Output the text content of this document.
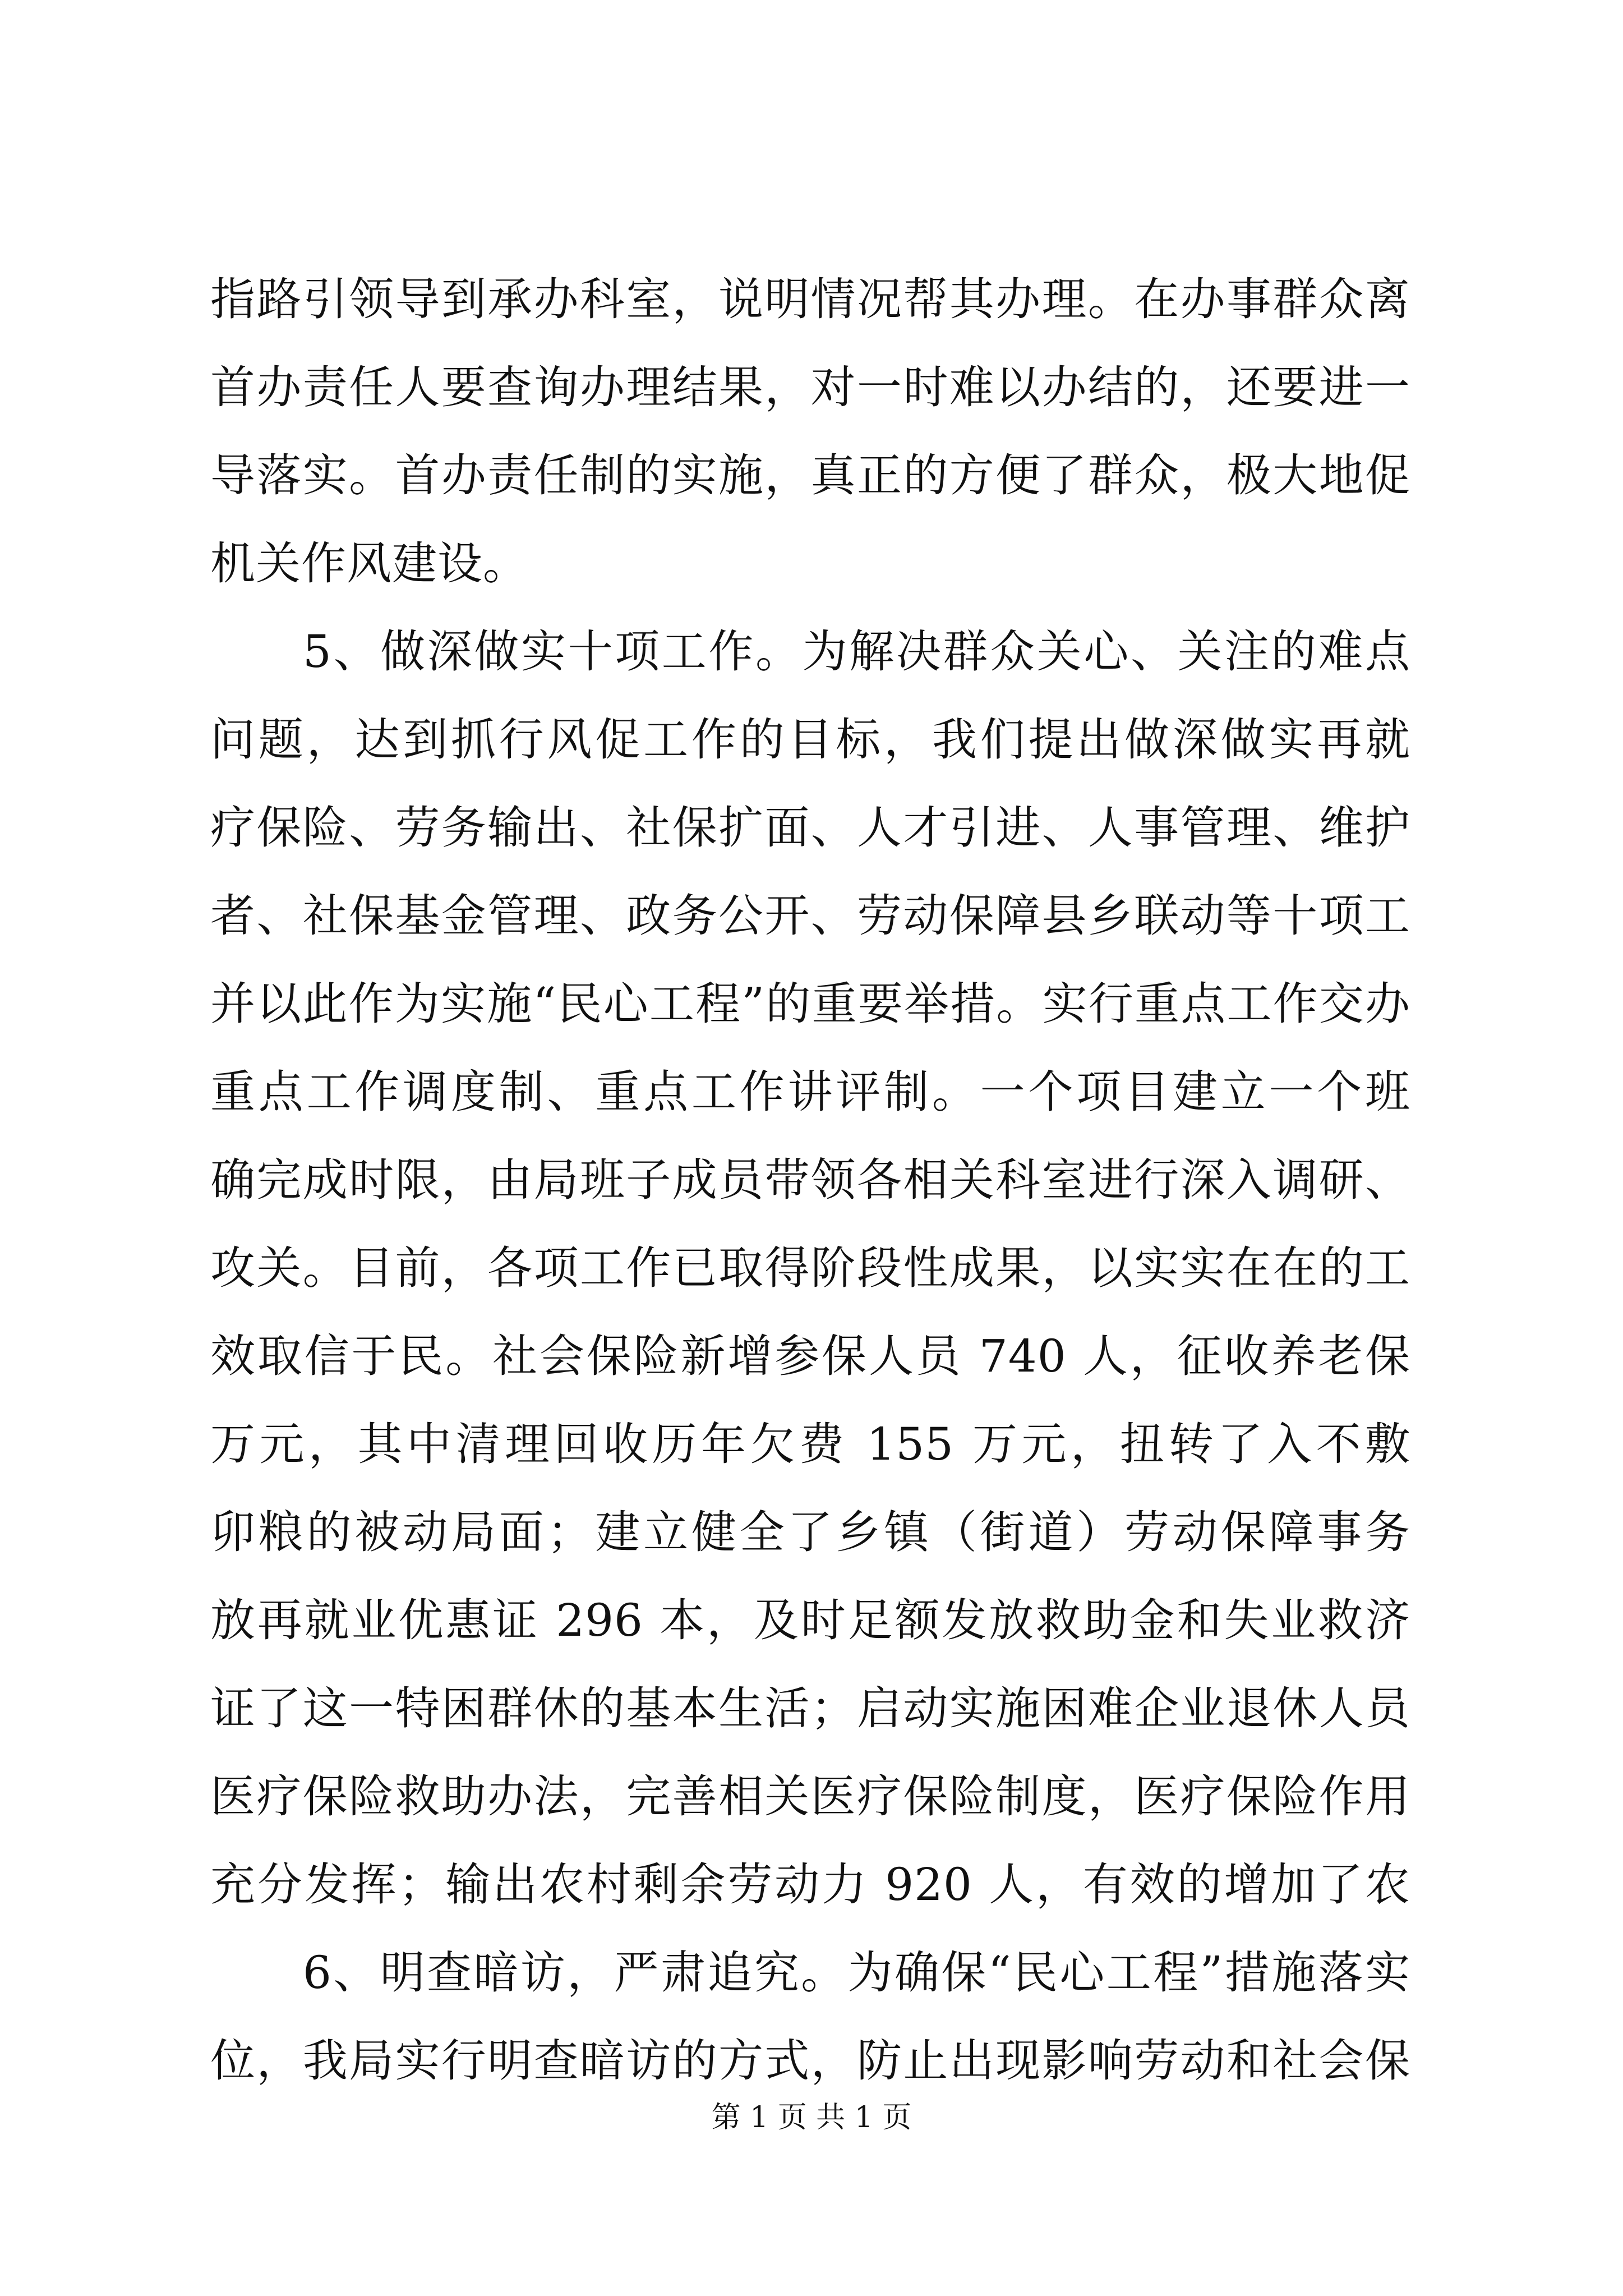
指路引领导到承办科室，说明情况帮其办理。在办事群众离
首办责任人要查询办理结果，对一时难以办结的，还要进一
导落实。首办责任制的实施，真正的方便了群众，极大地促
机关作风建设。
5、做深做实十项工作。为解决群众关心、关注的难点
问题，达到抓行风促工作的目标，我们提出做深做实再就
疗保险、劳务输出、社保扩面、人才引进、人事管理、维护
者、社保基金管理、政务公开、劳动保障县乡联动等十项工
并以此作为实施“民心工程”的重要举措。实行重点工作交办
重点工作调度制、重点工作讲评制。一个项目建立一个班
确完成时限，由局班子成员带领各相关科室进行深入调研、
攻关。目前，各项工作已取得阶段性成果，以实实在在的工
效取信于民。社会保险新增参保人员 740 人，征收养老保
万元，其中清理回收历年欠费 155 万元，扭转了入不敷
卯粮的被动局面；建立健全了乡镇（街道）劳动保障事务
放再就业优惠证 296 本，及时足额发放救助金和失业救济
证了这一特困群休的基本生活；启动实施困难企业退休人员
医疗保险救助办法，完善相关医疗保险制度，医疗保险作用
充分发挥；输出农村剩余劳动力 920 人，有效的增加了农
6、明查暗访，严肃追究。为确保“民心工程”措施落实
位，我局实行明查暗访的方式，防止出现影响劳动和社会保
第 1 页 共 1 页
